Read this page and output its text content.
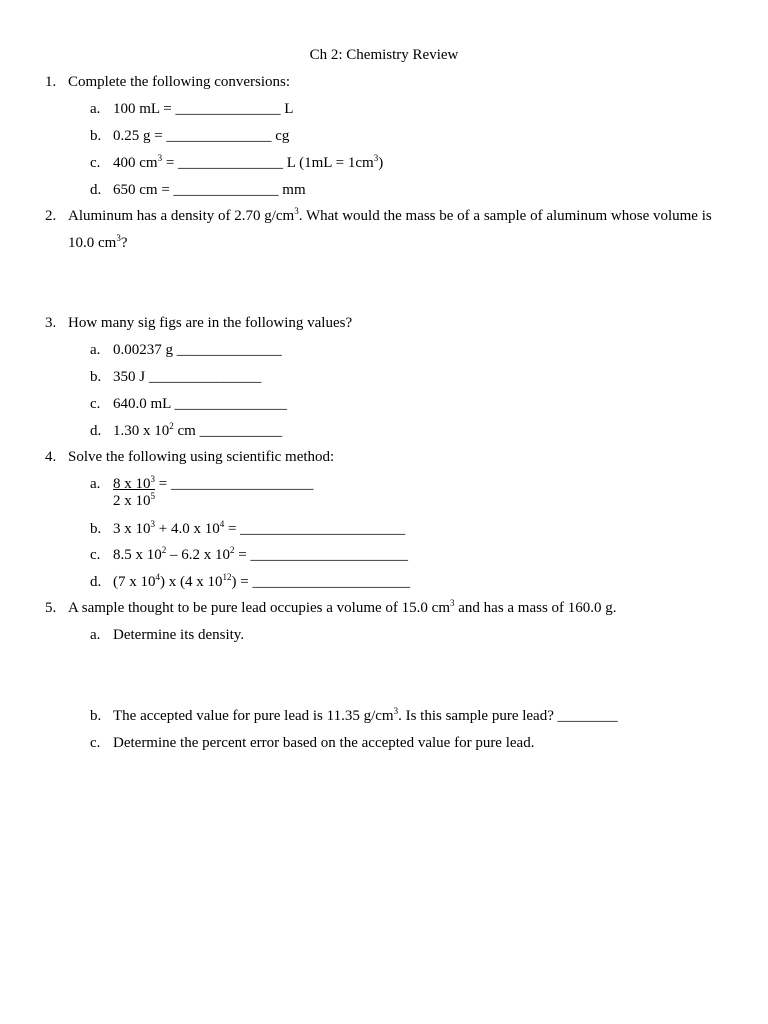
Ch 2: Chemistry Review
1. Complete the following conversions:
a. 100 mL = ______________ L
b. 0.25 g = ______________ cg
c. 400 $cm^3$ = ______________ L $(1mL = 1cm^3)$
d. 650 cm = ______________ mm
2. Aluminum has a density of 2.70 $g/cm^3$. What would the mass be of a sample of aluminum whose volume is
10.0 $cm^3$?
3. How many sig figs are in the following values?
a. 0.00237 g ______________
b. 350 J _______________
c. 640.0 mL _______________
d. 1.30 x $10^2$ cm ___________
4. Solve the following using scientific method:
a. 8 x $10^3$ = ___________________
2 x $10^5$
b. 3 x $10^3 + 4.0$ x $10^4$ = ______________________
c. 8.5 x $10^2 - 6.2$ x $10^2$ = _____________________
d. (7 x $10^4$) x (4 x $10^{12}$) = _____________________
5. A sample thought to be pure lead occupies a volume of 15.0 $cm^3$ and has a mass of 160.0 g.
a. Determine its density.
b. The accepted value for pure lead is 11.35 $g/cm^3$. Is this sample pure lead? ________
c. Determine the percent error based on the accepted value for pure lead.
